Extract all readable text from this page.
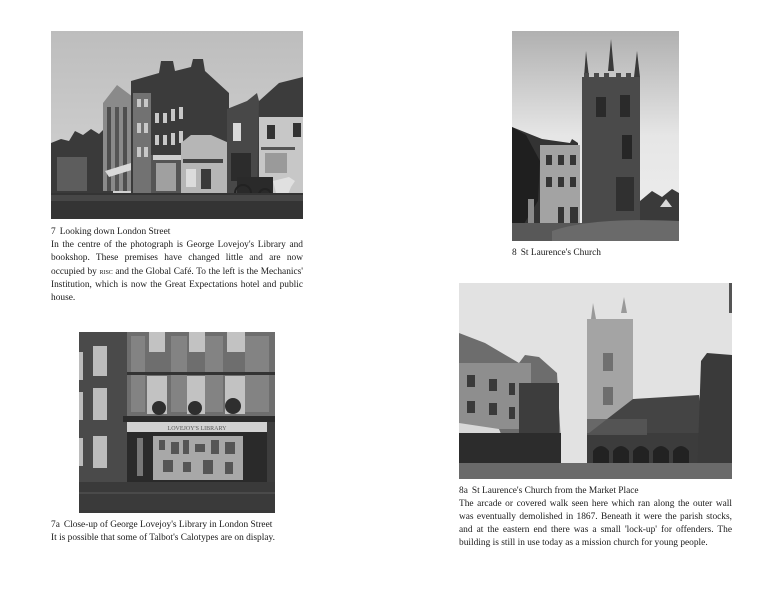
7 Looking down London Street
In the centre of the photograph is George Lovejoy's Library and bookshop. These premises have changed little and are now occupied by risc and the Global Café. To the left is the Mechanics' Institution, which is now the Great Expectations hotel and public house.
LOVEJOY'S LIBRARY
7a Close-up of George Lovejoy's Library in London Street
It is possible that some of Talbot's Calotypes are on display.
8 St Laurence's Church
8a St Laurence's Church from the Market Place
The arcade or covered walk seen here which ran along the outer wall was eventually demolished in 1867. Beneath it were the parish stocks, and at the eastern end there was a small 'lock-up' for offenders. The building is still in use today as a mission church for young people.
